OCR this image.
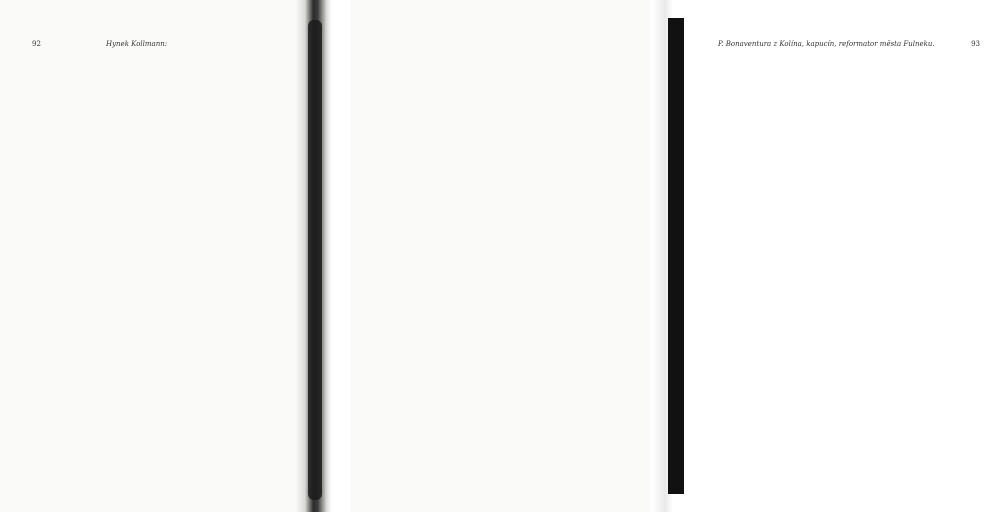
92	Hynek Kollmann:	P. Bonaventura z Kolína, kapucín, reformator města Fulneku.	93
